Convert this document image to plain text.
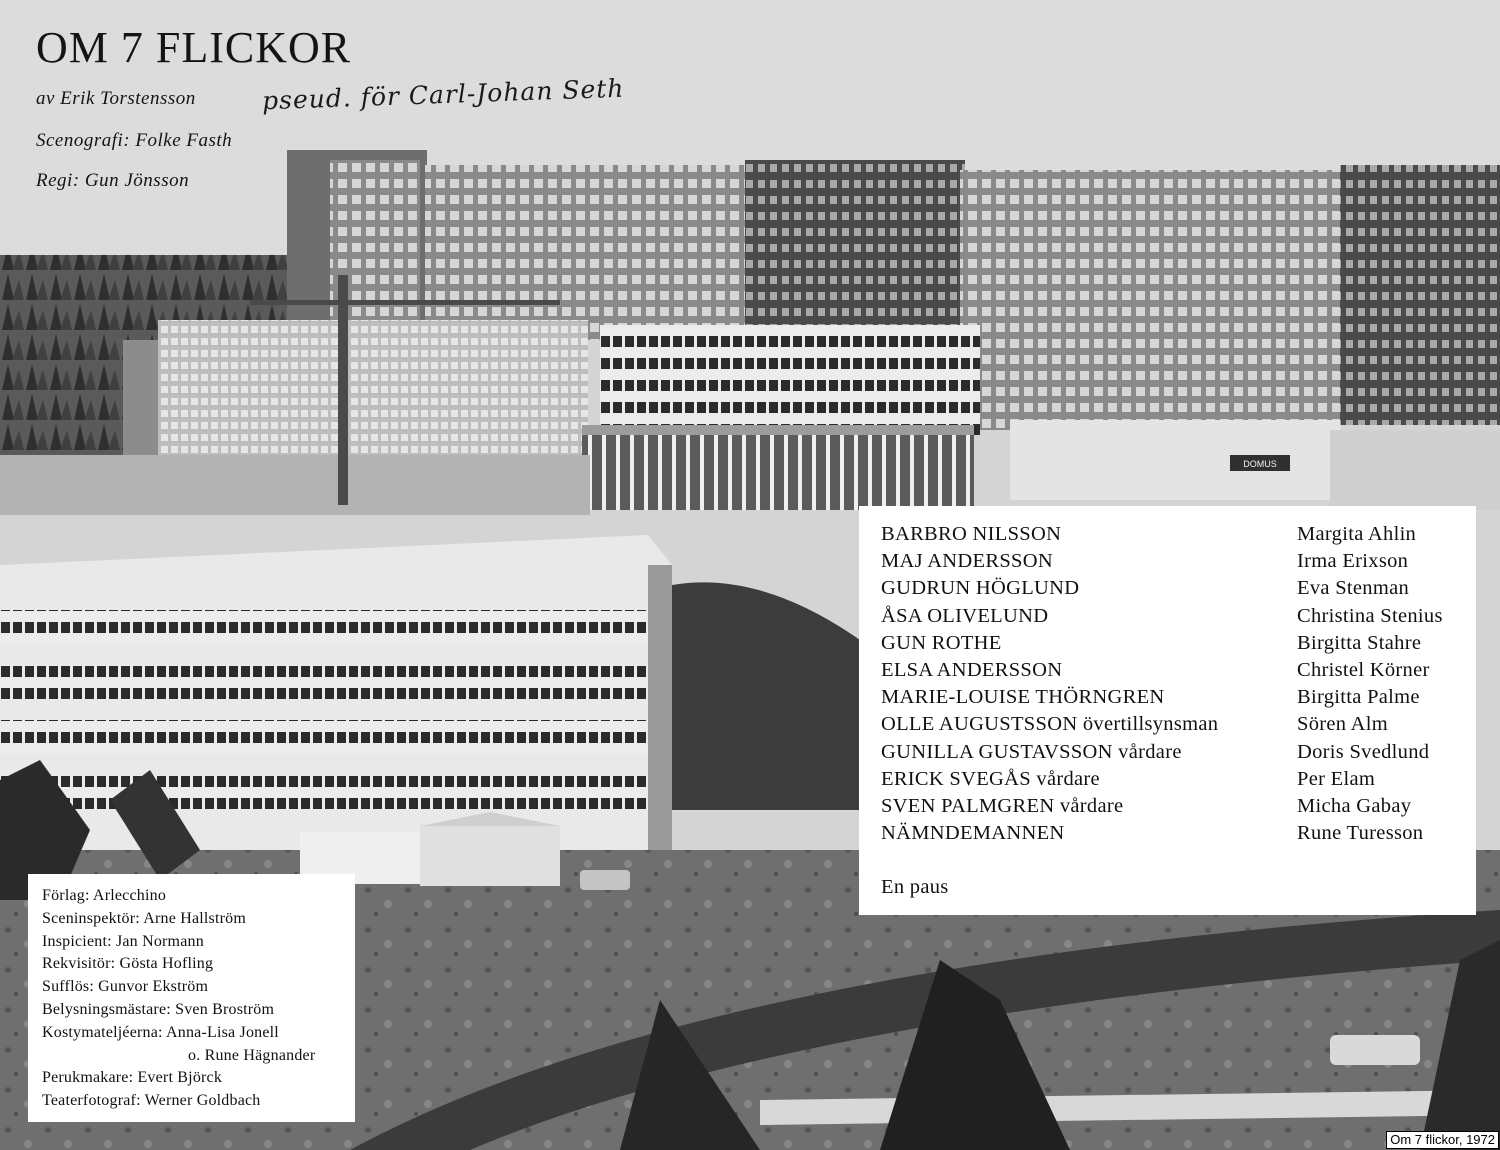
DOMUS
OM 7 FLICKOR

av Erik Torstensson	pseud. för Carl-Johan Seth

Scenografi: Folke Fasth

Regi: Gun Jönsson

BARBRO NILSSON	Margita Ahlin
MAJ ANDERSSON	Irma Erixson
GUDRUN HÖGLUND	Eva Stenman
ÅSA OLIVELUND	Christina Stenius
GUN ROTHE	Birgitta Stahre
ELSA ANDERSSON	Christel Körner
MARIE-LOUISE THÖRNGREN	Birgitta Palme
OLLE AUGUSTSSON övertillsynsman	Sören Alm
GUNILLA GUSTAVSSON vårdare	Doris Svedlund
ERICK SVEGÅS vårdare	Per Elam
SVEN PALMGREN vårdare	Micha Gabay
NÄMNDEMANNEN	Rune Turesson
En paus
Förlag: Arlecchino
Sceninspektör: Arne Hallström
Inspicient: Jan Normann
Rekvisitör: Gösta Hofling
Sufflös: Gunvor Ekström
Belysningsmästare: Sven Broström
Kostymateljéerna: Anna-Lisa Jonell
o. Rune Hägnander
Perukmakare: Evert Björck
Teaterfotograf: Werner Goldbach
Om 7 flickor, 1972
